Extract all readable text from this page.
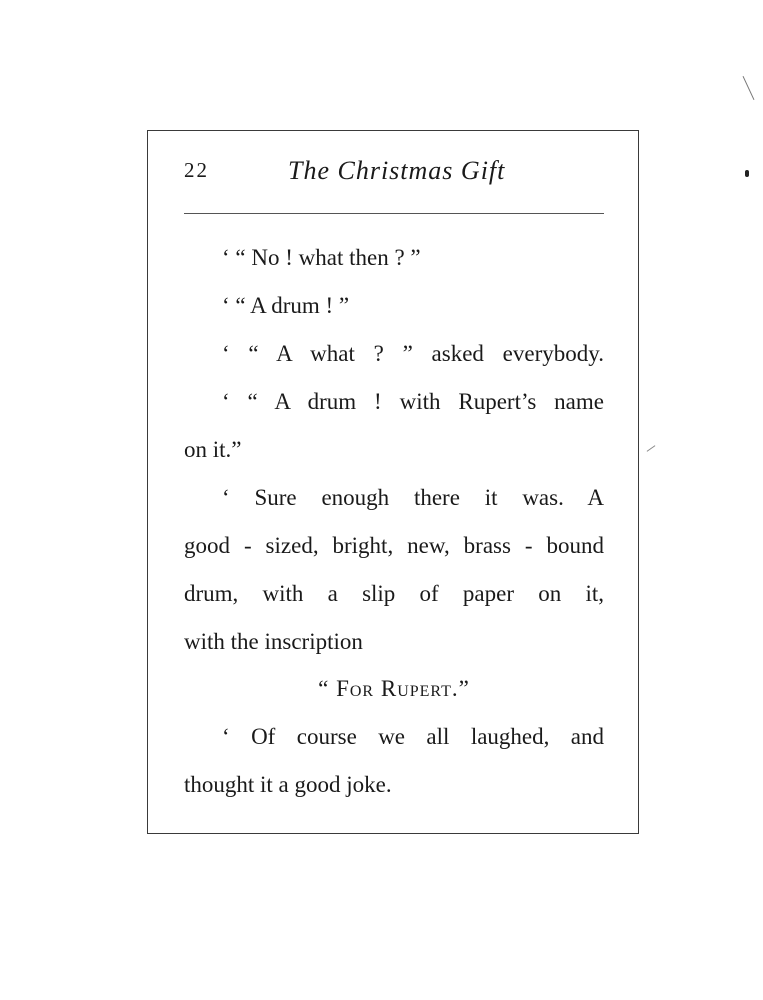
22	The Christmas Gift
‘ “ No ! what then ? ”
‘ “ A drum ! ”
‘ “ A what ? ” asked everybody.
‘ “ A drum ! with Rupert’s name
on it.”
‘ Sure enough there it was. A
good - sized, bright, new, brass - bound
drum, with a slip of paper on it,
with the inscription
“ For Rupert.”
‘ Of course we all laughed, and
thought it a good joke.
